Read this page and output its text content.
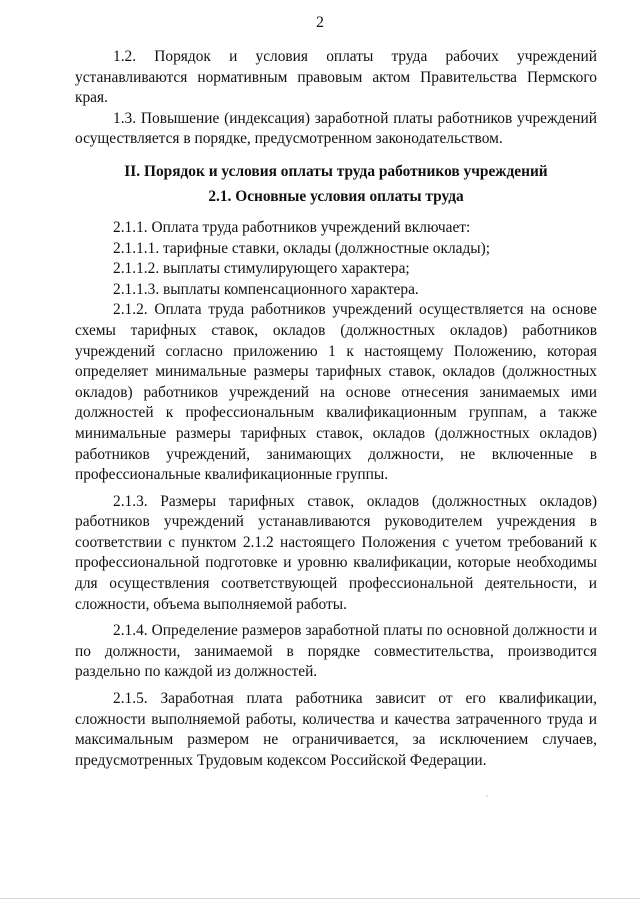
2

1.2. Порядок и условия оплаты труда рабочих учреждений устанавливаются нормативным правовым актом Правительства Пермского края.

1.3. Повышение (индексация) заработной платы работников учреждений осуществляется в порядке, предусмотренном законодательством.

II. Порядок и условия оплаты труда работников учреждений

2.1. Основные условия оплаты труда

2.1.1. Оплата труда работников учреждений включает:

2.1.1.1. тарифные ставки, оклады (должностные оклады);

2.1.1.2. выплаты стимулирующего характера;

2.1.1.3. выплаты компенсационного характера.

2.1.2. Оплата труда работников учреждений осуществляется на основе схемы тарифных ставок, окладов (должностных окладов) работников учреждений согласно приложению 1 к настоящему Положению, которая определяет минимальные размеры тарифных ставок, окладов (должностных окладов) работников учреждений на основе отнесения занимаемых ими должностей к профессиональным квалификационным группам, а также минимальные размеры тарифных ставок, окладов (должностных окладов) работников учреждений, занимающих должности, не включенные в профессиональные квалификационные группы.

2.1.3. Размеры тарифных ставок, окладов (должностных окладов) работников учреждений устанавливаются руководителем учреждения в соответствии с пунктом 2.1.2 настоящего Положения с учетом требований к профессиональной подготовке и уровню квалификации, которые необходимы для осуществления соответствующей профессиональной деятельности, и сложности, объема выполняемой работы.

2.1.4. Определение размеров заработной платы по основной должности и по должности, занимаемой в порядке совместительства, производится раздельно по каждой из должностей.

2.1.5. Заработная плата работника зависит от его квалификации, сложности выполняемой работы, количества и качества затраченного труда и максимальным размером не ограничивается, за исключением случаев, предусмотренных Трудовым кодексом Российской Федерации.
